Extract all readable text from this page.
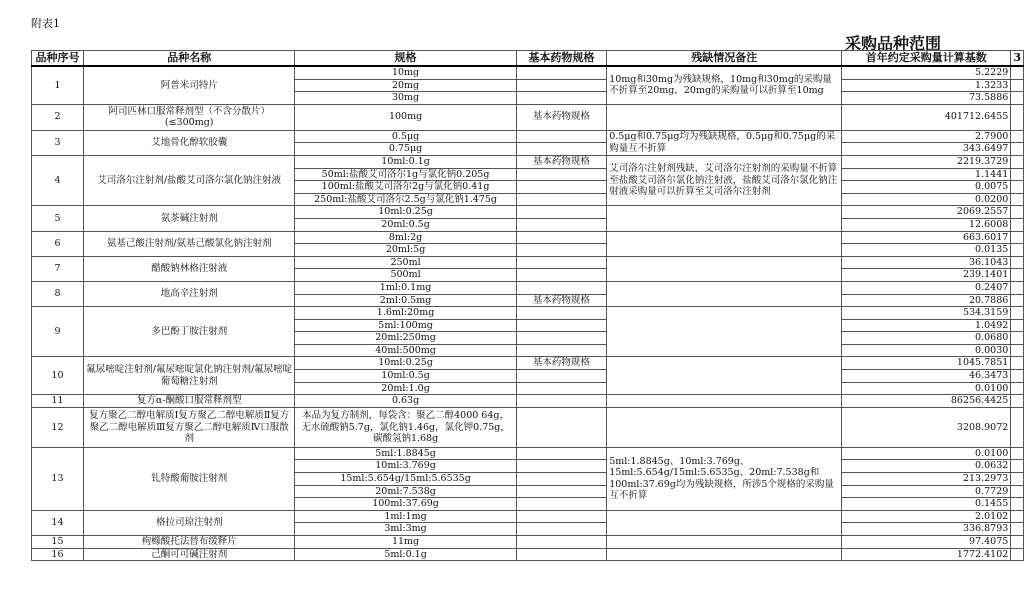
附表1
采购品种范围
品种序号	品种名称	规格	基本药物规格	残缺情况备注	首年约定采购量计算基数	3
1	阿普米司特片	10mg		10mg和30mg为残缺规格，10mg和30mg的采购量不折算至20mg，20mg的采购量可以折算至10mg	5.2229	
		20mg			1.3233	
		30mg			73.5886	
2	阿司匹林口服常释剂型（不含分散片）(≤300mg)	100mg	基本药物规格		401712.6455	
3	艾地骨化醇软胶囊	0.5μg		0.5μg和0.75μg均为残缺规格，0.5μg和0.75μg的采购量互不折算	2.7900	
		0.75μg			343.6497	
4	艾司洛尔注射剂/盐酸艾司洛尔氯化钠注射液	10ml:0.1g	基本药物规格	艾司洛尔注射剂残缺，艾司洛尔注射剂的采购量不折算至盐酸艾司洛尔氯化钠注射液，盐酸艾司洛尔氯化钠注射液采购量可以折算至艾司洛尔注射剂	2219.3729	
		50ml:盐酸艾司洛尔1g与氯化钠0.205g			1.1441	
		100ml:盐酸艾司洛尔2g与氯化钠0.41g			0.0075	
		250ml:盐酸艾司洛尔2.5g与氯化钠1.475g			0.0200	
5	氨茶碱注射剂	10ml:0.25g			2069.2557	
		20ml:0.5g			12.6008	
6	氨基己酸注射剂/氨基己酸氯化钠注射剂	8ml:2g			663.6017	
		20ml:5g			0.0135	
7	醋酸钠林格注射液	250ml			36.1043	
		500ml			239.1401	
8	地高辛注射剂	1ml:0.1mg			0.2407	
		2ml:0.5mg	基本药物规格		20.7886	
9	多巴酚丁胺注射剂	1.6ml:20mg			534.3159	
		5ml:100mg			1.0492	
		20ml:250mg			0.0680	
		40ml:500mg			0.0030	
10	氟尿嘧啶注射剂/氟尿嘧啶氯化钠注射剂/氟尿嘧啶葡萄糖注射剂	10ml:0.25g	基本药物规格		1045.7851	
		10ml:0.5g			46.3473	
		20ml:1.0g			0.0100	
11	复方α-酮酸口服常释剂型	0.63g			86256.4425	
12	复方聚乙二醇电解质Ⅰ复方聚乙二醇电解质Ⅱ复方聚乙二醇电解质Ⅲ复方聚乙二醇电解质Ⅳ口服散剂	本品为复方制剂，每袋含：聚乙二醇4000 64g，无水硫酸钠5.7g，氯化钠1.46g，氯化钾0.75g，碳酸氢钠1.68g			3208.9072	
13	钆特酸葡胺注射剂	5ml:1.8845g		5ml:1.8845g、10ml:3.769g、15ml:5.654g/15ml:5.6535g、20ml:7.538g和100ml:37.69g均为残缺规格，所涉5个规格的采购量互不折算	0.0100	
		10ml:3.769g			0.0632	
		15ml:5.654g/15ml:5.6535g			213.2973	
		20ml:7.538g			0.7729	
		100ml:37.69g			0.1455	
14	格拉司琼注射剂	1ml:1mg			2.0102	
		3ml:3mg			336.8793	
15	枸橼酸托法替布缓释片	11mg			97.4075	
16	己酮可可碱注射剂	5ml:0.1g			1772.4102	
